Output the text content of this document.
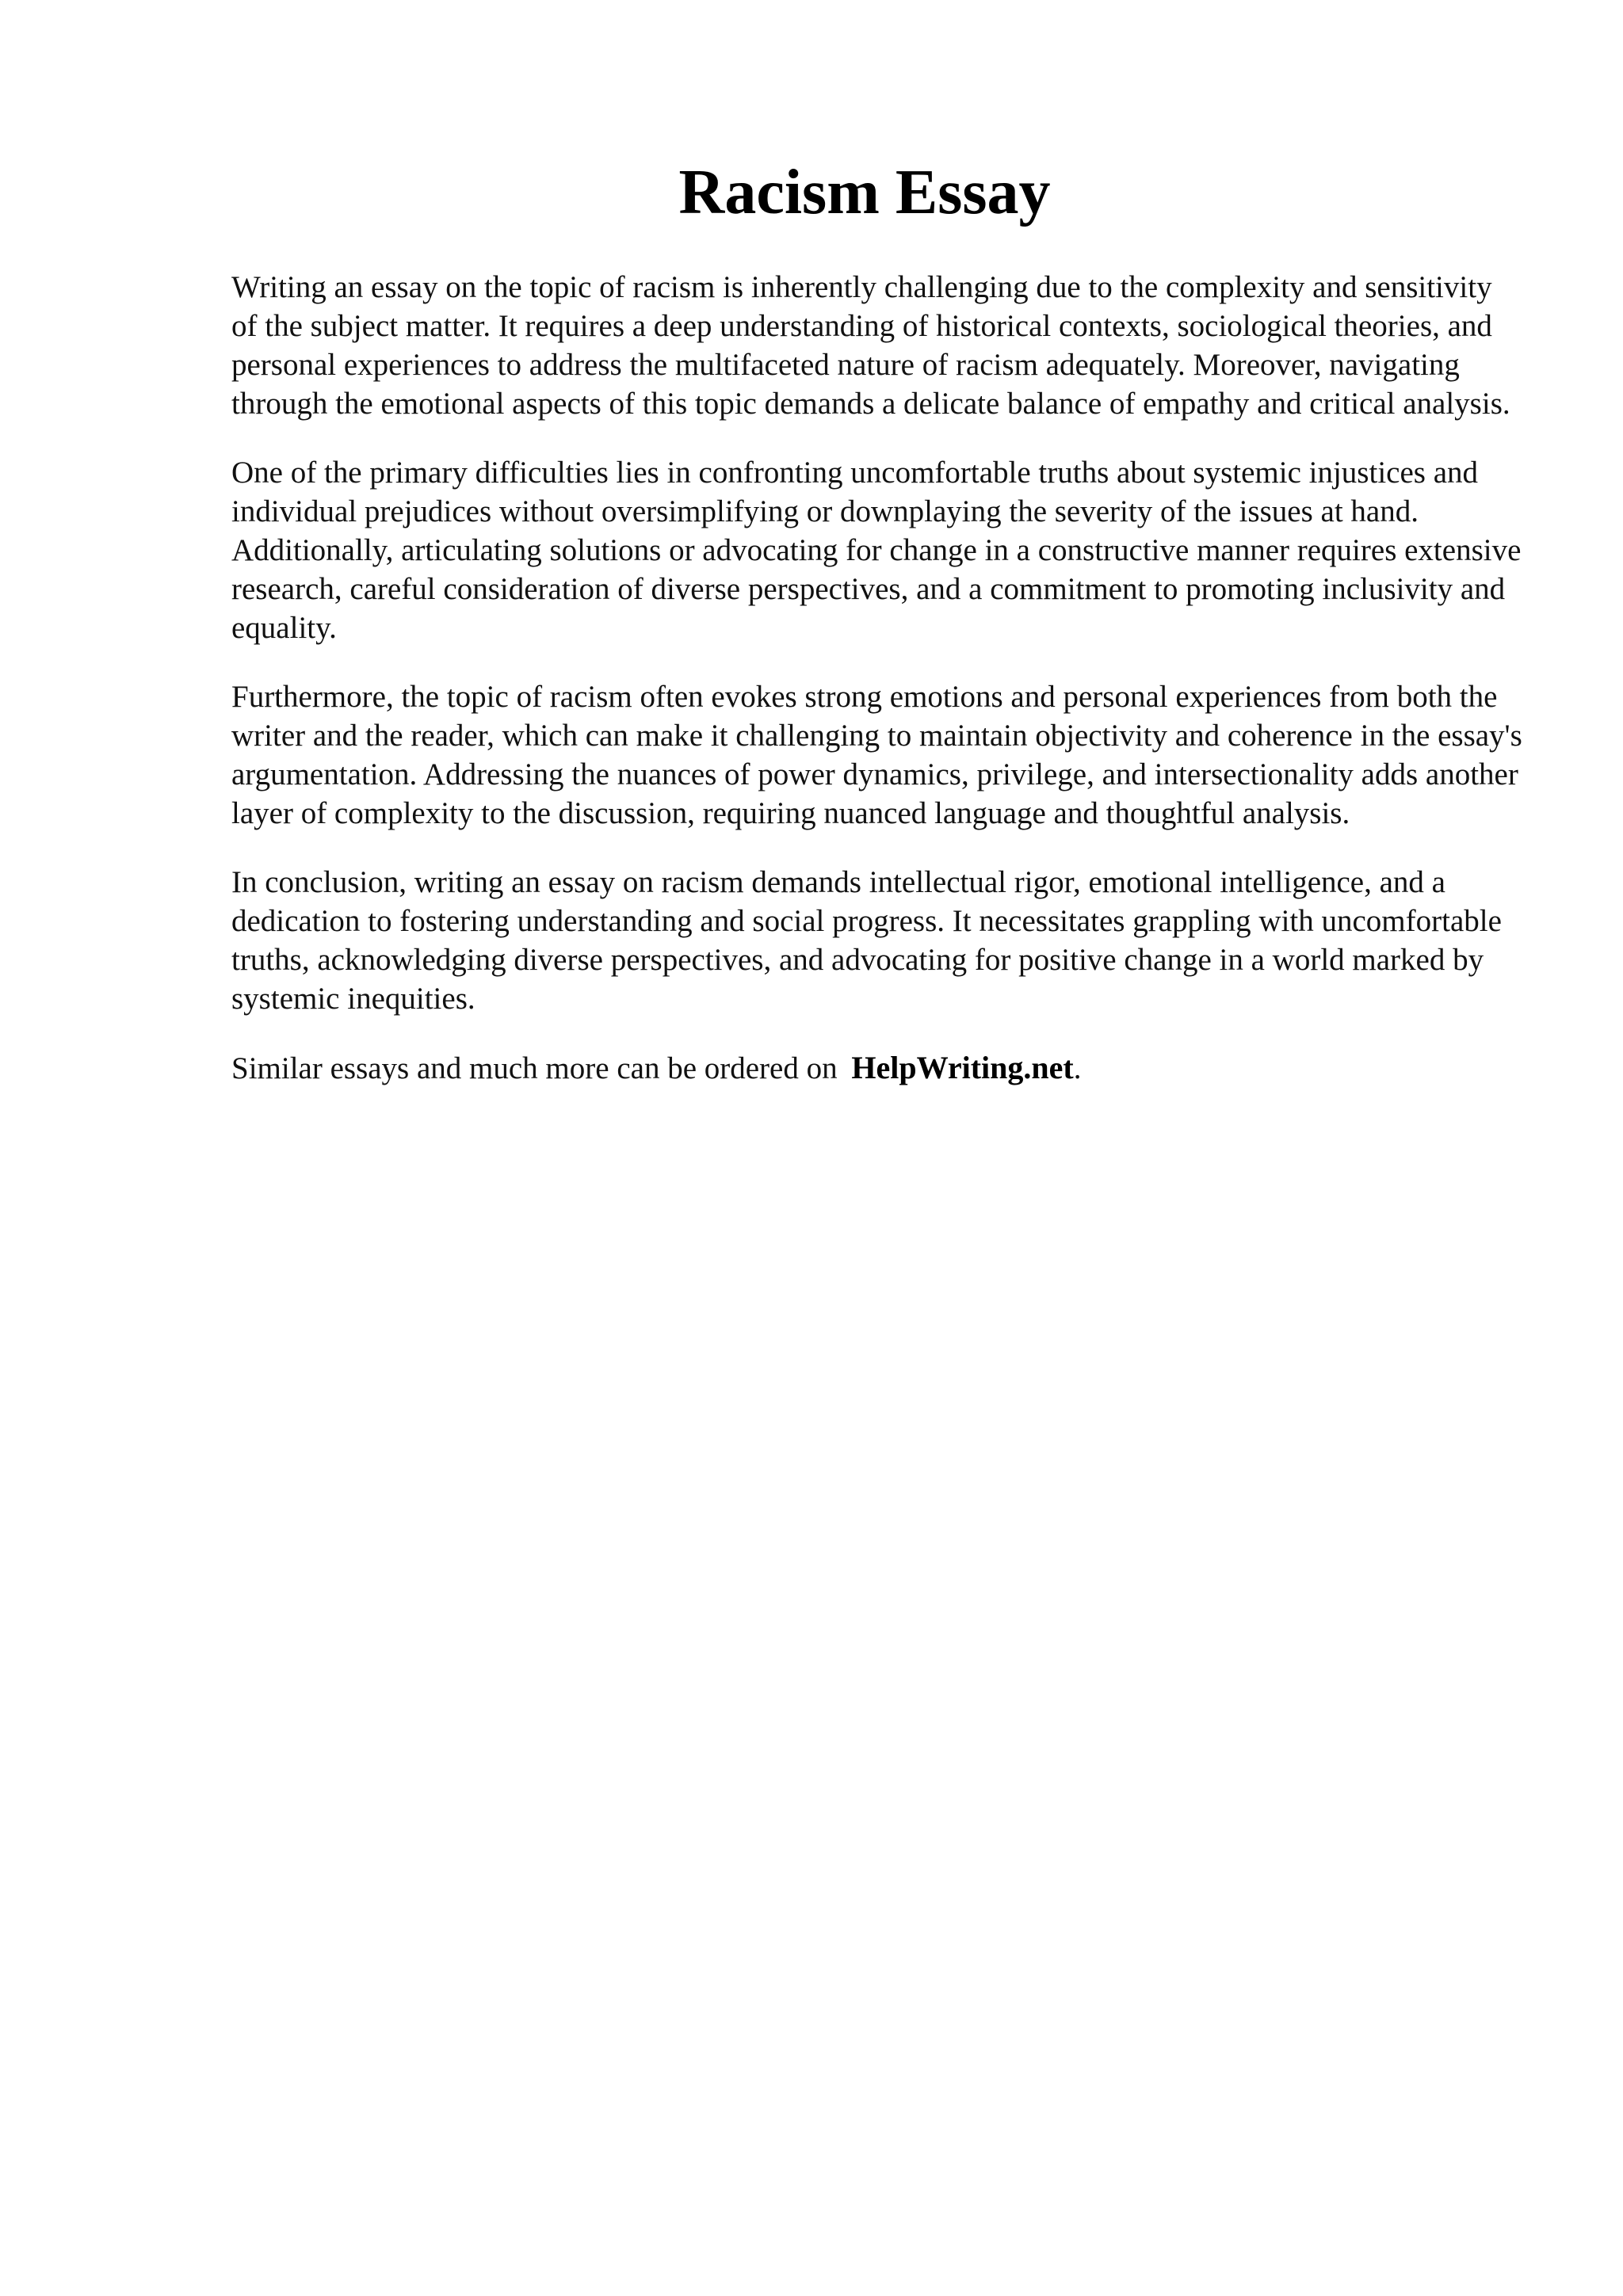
Racism Essay

Writing an essay on the topic of racism is inherently challenging due to the complexity and sensitivity of the subject matter. It requires a deep understanding of historical contexts, sociological theories, and personal experiences to address the multifaceted nature of racism adequately. Moreover, navigating through the emotional aspects of this topic demands a delicate balance of empathy and critical analysis.

One of the primary difficulties lies in confronting uncomfortable truths about systemic injustices and individual prejudices without oversimplifying or downplaying the severity of the issues at hand. Additionally, articulating solutions or advocating for change in a constructive manner requires extensive research, careful consideration of diverse perspectives, and a commitment to promoting inclusivity and equality.

Furthermore, the topic of racism often evokes strong emotions and personal experiences from both the writer and the reader, which can make it challenging to maintain objectivity and coherence in the essay's argumentation. Addressing the nuances of power dynamics, privilege, and intersectionality adds another layer of complexity to the discussion, requiring nuanced language and thoughtful analysis.

In conclusion, writing an essay on racism demands intellectual rigor, emotional intelligence, and a dedication to fostering understanding and social progress. It necessitates grappling with uncomfortable truths, acknowledging diverse perspectives, and advocating for positive change in a world marked by systemic inequities.

Similar essays and much more can be ordered on HelpWriting.net.
